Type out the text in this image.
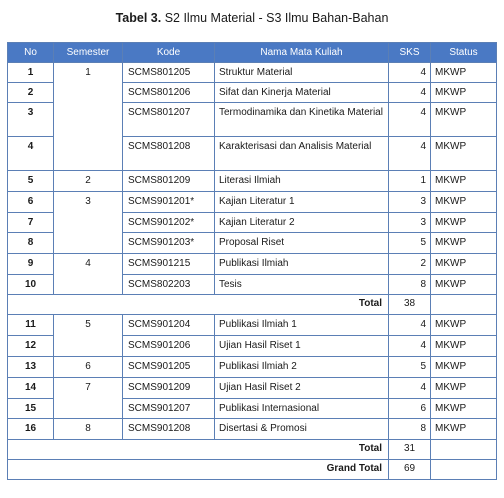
Tabel 3. S2 Ilmu Material - S3 Ilmu Bahan-Bahan
No	Semester	Kode	Nama Mata Kuliah	SKS	Status
1	1	SCMS801205	Struktur Material	4	MKWP
2		SCMS801206	Sifat dan Kinerja Material	4	MKWP
3		SCMS801207	Termodinamika dan Kinetika Material	4	MKWP
4		SCMS801208	Karakterisasi dan Analisis Material	4	MKWP
5	2	SCMS801209	Literasi Ilmiah	1	MKWP
6	3	SCMS901201*	Kajian Literatur 1	3	MKWP
7		SCMS901202*	Kajian Literatur 2	3	MKWP
8		SCMS901203*	Proposal Riset	5	MKWP
9	4	SCMS901215	Publikasi Ilmiah	2	MKWP
10		SCMS802203	Tesis	8	MKWP
Total				38	
11	5	SCMS901204	Publikasi Ilmiah 1	4	MKWP
12		SCMS901206	Ujian Hasil Riset 1	4	MKWP
13	6	SCMS901205	Publikasi Ilmiah 2	5	MKWP
14	7	SCMS901209	Ujian Hasil Riset 2	4	MKWP
15		SCMS901207	Publikasi Internasional	6	MKWP
16	8	SCMS901208	Disertasi & Promosi	8	MKWP
Total				31	
Grand Total				69	
